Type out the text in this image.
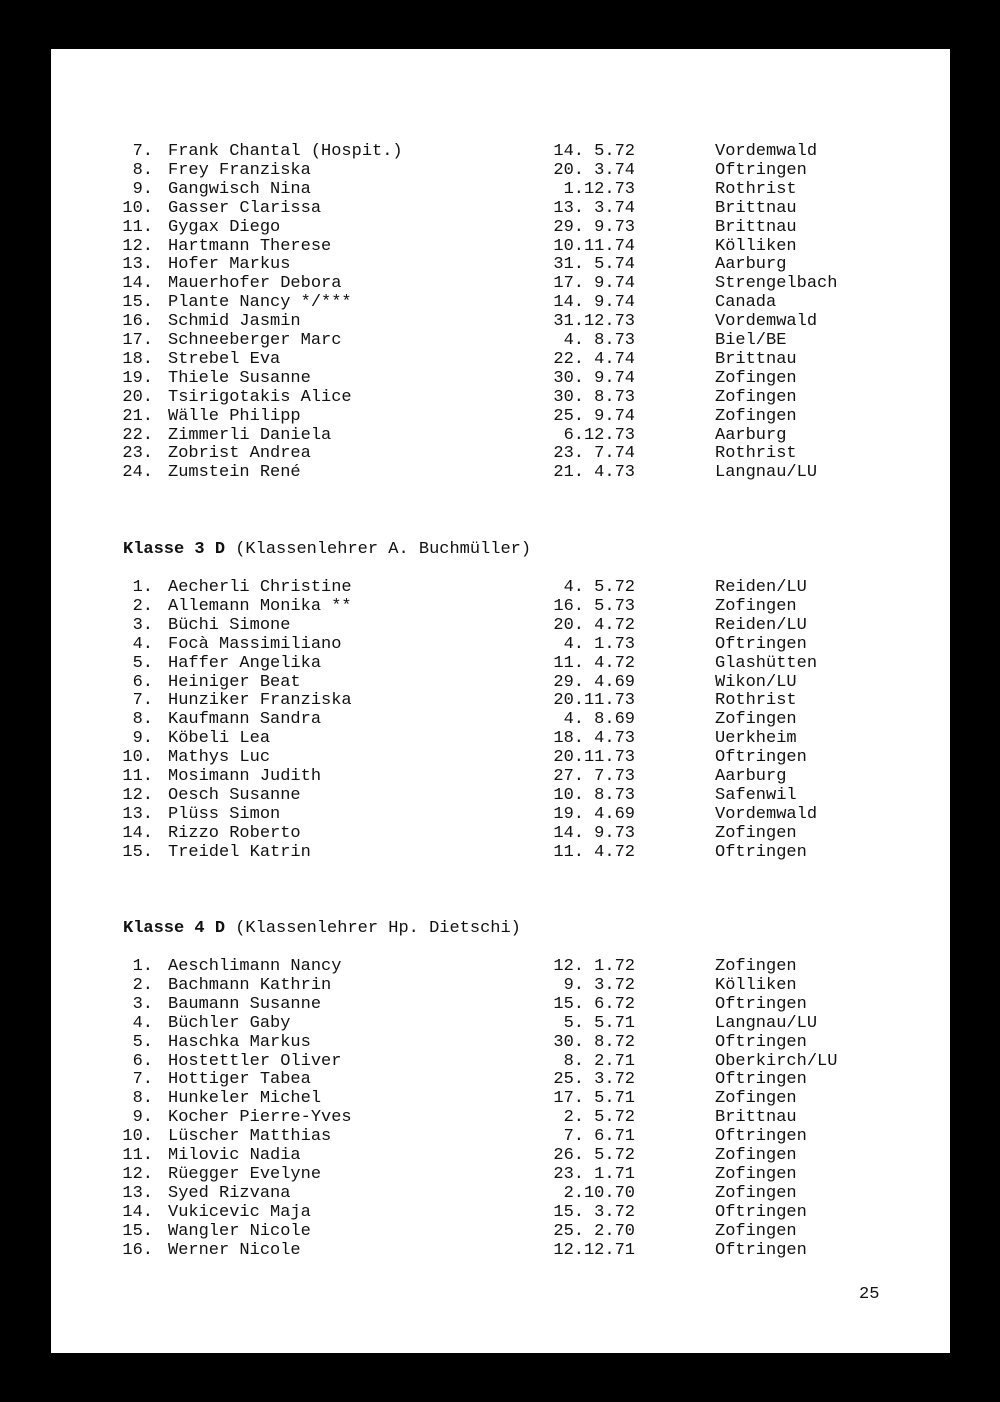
25
7. Frank Chantal (Hospit.)	14. 5.72	Vordemwald
8. Frey Franziska	20. 3.74	Oftringen
9. Gangwisch Nina	1.12.73	Rothrist
10. Gasser Clarissa	13. 3.74	Brittnau
11. Gygax Diego	29. 9.73	Brittnau
12. Hartmann Therese	10.11.74	Kölliken
13. Hofer Markus	31. 5.74	Aarburg
14. Mauerhofer Debora	17. 9.74	Strengelbach
15. Plante Nancy */***	14. 9.74	Canada
16. Schmid Jasmin	31.12.73	Vordemwald
17. Schneeberger Marc	4. 8.73	Biel/BE
18. Strebel Eva	22. 4.74	Brittnau
19. Thiele Susanne	30. 9.74	Zofingen
20. Tsirigotakis Alice	30. 8.73	Zofingen
21. Wälle Philipp	25. 9.74	Zofingen
22. Zimmerli Daniela	6.12.73	Aarburg
23. Zobrist Andrea	23. 7.74	Rothrist
24. Zumstein René	21. 4.73	Langnau/LU
Klasse 3 D (Klassenlehrer A. Buchmüller)
1. Aecherli Christine	4. 5.72	Reiden/LU
2. Allemann Monika **	16. 5.73	Zofingen
3. Büchi Simone	20. 4.72	Reiden/LU
4. Focà Massimiliano	4. 1.73	Oftringen
5. Haffer Angelika	11. 4.72	Glashütten
6. Heiniger Beat	29. 4.69	Wikon/LU
7. Hunziker Franziska	20.11.73	Rothrist
8. Kaufmann Sandra	4. 8.69	Zofingen
9. Köbeli Lea	18. 4.73	Uerkheim
10. Mathys Luc	20.11.73	Oftringen
11. Mosimann Judith	27. 7.73	Aarburg
12. Oesch Susanne	10. 8.73	Safenwil
13. Plüss Simon	19. 4.69	Vordemwald
14. Rizzo Roberto	14. 9.73	Zofingen
15. Treidel Katrin	11. 4.72	Oftringen
Klasse 4 D (Klassenlehrer Hp. Dietschi)
1. Aeschlimann Nancy	12. 1.72	Zofingen
2. Bachmann Kathrin	9. 3.72	Kölliken
3. Baumann Susanne	15. 6.72	Oftringen
4. Büchler Gaby	5. 5.71	Langnau/LU
5. Haschka Markus	30. 8.72	Oftringen
6. Hostettler Oliver	8. 2.71	Oberkirch/LU
7. Hottiger Tabea	25. 3.72	Oftringen
8. Hunkeler Michel	17. 5.71	Zofingen
9. Kocher Pierre-Yves	2. 5.72	Brittnau
10. Lüscher Matthias	7. 6.71	Oftringen
11. Milovic Nadia	26. 5.72	Zofingen
12. Rüegger Evelyne	23. 1.71	Zofingen
13. Syed Rizvana	2.10.70	Zofingen
14. Vukicevic Maja	15. 3.72	Oftringen
15. Wangler Nicole	25. 2.70	Zofingen
16. Werner Nicole	12.12.71	Oftringen
